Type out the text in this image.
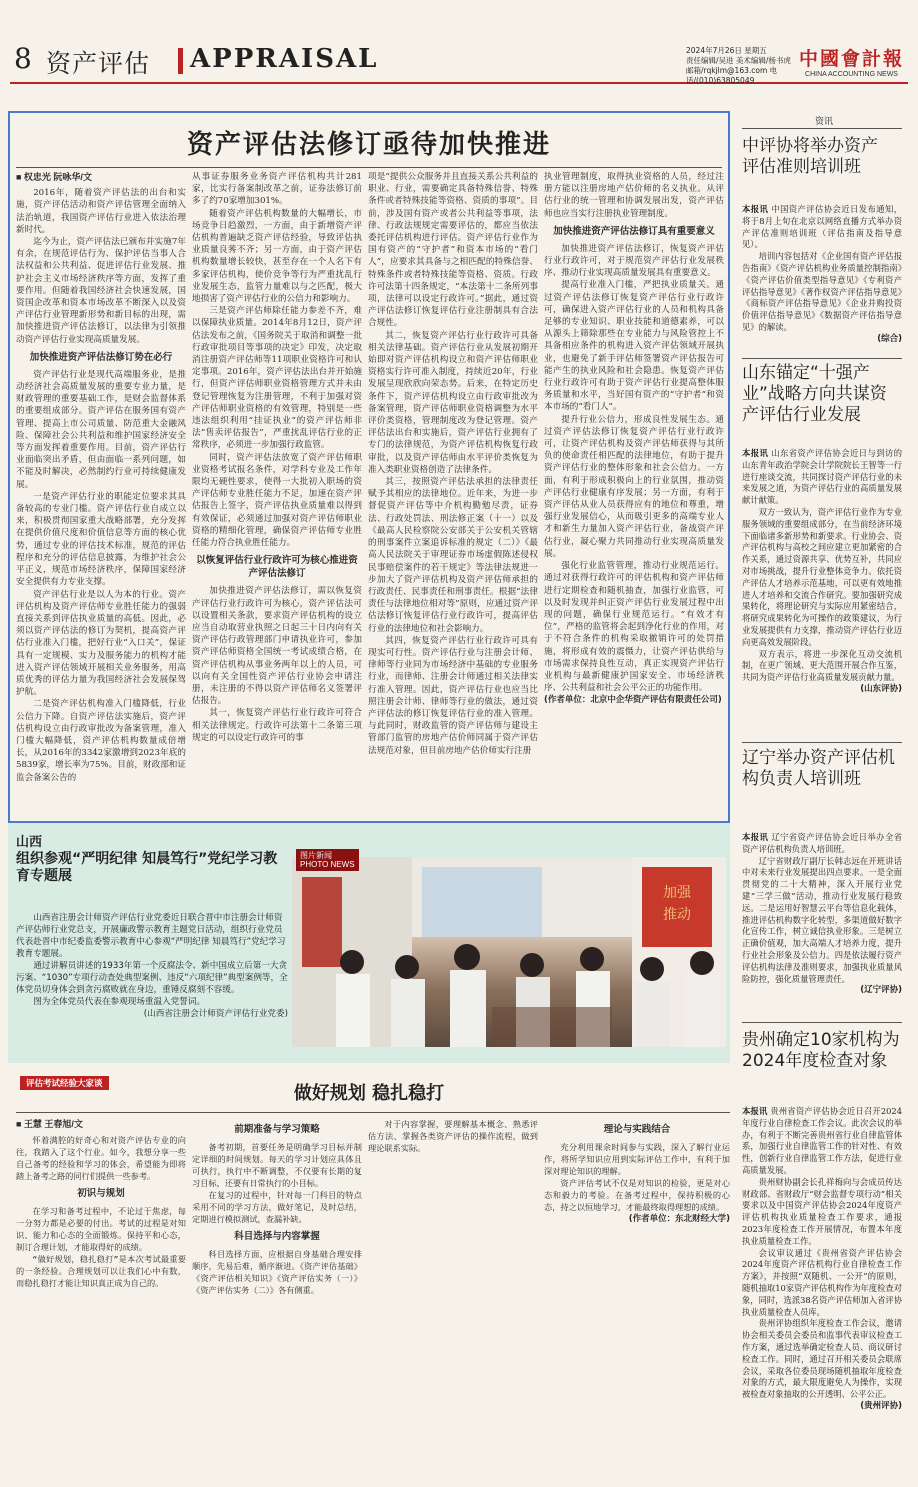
8 资产评估 APPRAISAL	2024年7月26日 星期五
责任编辑/吴进 美术编辑/杨书虎
邮箱/rqkjlm@163.com 电话/(010)63805049
中國會計報
CHINA ACCOUNTING NEWS
资产评估法修订亟待加快推进
■ 权忠光 阮咏华/文

2016年，随着资产评估法的出台和实施，资产评估活动和资产评估管理全面纳入法治轨道，我国资产评估行业进入依法治理新时代。

迄今为止，资产评估法已颁布并实施7年有余，在规范评估行为、保护评估当事人合法权益和公共利益、促进评估行业发展、推护社会主义市场经济秩序等方面，发挥了重要作用。但随着我国经济社会快速发展，国资国企改革和资本市场改革不断深入以及资产评估行业管理新形势和新目标的出现，需加快推进资产评估法修订，以法律为引领推动资产评估行业实现高质量发展。

加快推进资产评估法修订势在必行

资产评估行业是现代高端服务业，是推动经济社会高质量发展的重要专业力量，是财政管理的重要基础工作，是财会监督体系的重要组成部分。资产评估在服务国有资产管理、提高上市公司质量、防范重大金融风险、保障社会公共利益和维护国家经济安全等方面发挥着重要作用。目前，资产评估行业面临突出矛盾，但由面临一系列问题，如不能及时解决，必然制约行业可持续健康发展。

一是资产评估行业的职能定位要求其具备较高的专业门槛。资产评估行业自成立以来，积极贯彻国家重大战略部署，充分发挥在提供价值尺度和价值信息等方面的核心优势，通过专业的评估技术标准，规范的评估程序和充分的评估信息披露，为维护社会公平正义，规范市场经济秩序，保障国家经济安全提供有力专业支撑。

资产评估行业是以人为本的行业。资产评估机构及资产评估师专业胜任能力的强弱直接关系到评估执业质量的高低。因此，必须以资产评估法的修订为契机，提高资产评估行业准入门槛，把好行业“入口关”，保证具有一定规模、实力及服务能力的机构才能进入资产评估领域开展相关业务服务，用高质优秀的评估力量为我国经济社会发展保驾护航。

二是资产评估机构准入门槛降低，行业公信力下降。自资产评估法实施后，资产评估机构设立由行政审批改为备案管理，准入门槛大幅降低，资产评估机构数量成倍增长，从2016年的3342家激增到2023年底的5839家，增长率为75%。目前，财政部和证监会备案公告的

从事证券服务业务资产评估机构共计281家，比实行备案制改革之前，证券法修订前多了约70家增加301%。

随着资产评估机构数量的大幅增长，市场竞争日趋激烈，一方面，由于新增资产评估机构普遍缺乏资产评估经验，导致评估执业质量良莠不齐；另一方面，由于资产评估机构数量增长较快，甚至存在一个人名下有多家评估机构，使价竞争等行为严重扰乱行业发展生态，监管力量难以与之匹配，极大地损害了资产评估行业的公信力和影响力。

三是资产评估师除任能力参差不齐，难以保障执业质量。2014年8月12日，资产评估法发布之前，《国务院关于取消和调整一批行政审批项目等事项的决定》印发，决定取消注册资产评估师等11项职业资格许可和认定事项。2016年，资产评估法出台并开始施行，但资产评估师职业资格管理方式并未由登记管理恢复为注册管理，不利于加强对资产评估师职业资格的有效管理，特别是一些违法组织利用“挂证执业”的资产评估师非法“售卖评估报告”，严重扰乱评估行业的正常秩序，必须进一步加强行政监管。

同时，资产评估法放宽了资产评估师职业资格考试报名条件，对学科专业及工作年限均无硬性要求，使得一大批初入职场的资产评估师专业胜任能力不足，加速在资产评估报告上签字，资产评估执业质量难以得到有效保证，必须通过加强对资产评估师职业资格的精细化管理，确保资产评估师专业胜任能力符合执业胜任能力。

以恢复评估行业行政许可为核心推进资产评估法修订

加快推进资产评估法修订，需以恢复资产评估行业行政许可为核心，资产评估法可以设置相关条款，要求资产评估机构的设立应当自动取营业执照之日起三十日内向有关资产评估行政管理部门申请执业许可，参加资产评估师资格全国统一考试成绩合格，在资产评估机构从事业务两年以上的人员，可以向有关全国性资产评估行业协会申请注册，未注册的不得以资产评估师名义签署评估报告。

其一，恢复资产评估行业行政许可符合相关法律规定。行政许可法第十二条第三项规定的可以设定行政许可的事

项是“提供公众服务并且直接关系公共利益的职业、行业，需要确定具备特殊信誉、特殊条件或者特殊技能等资格、资质的事项”。目前，涉及国有资产或者公共利益等事项，法律、行政法规规定需要评估的，都应当依法委托评估机构进行评估。资产评估行业作为国有资产的“守护者”和资本市场的“看门人”，应要求其具备与之相匹配的特殊信誉、特殊条件或者特殊技能等资格、资质。行政许可法第十四条规定，“本法第十二条所列事项，法律可以设定行政许可。”据此，通过资产评估法修订恢复评估行业注册制具有合法合规性。

其二，恢复资产评估行业行政许可具备相关法律基础。资产评估行业从发展初期开始即对资产评估机构设立和资产评估师职业资格实行许可准入制度，持续近20年，行业发展呈现欣欣向荣态势。后来，在特定历史条件下，资产评估机构设立由行政审批改为备案管理，资产评估师职业资格调整为水平评价类资格，管理制度改为登记管理。资产评估法出台和实施后，资产评估行业拥有了专门的法律规范，为资产评估机构恢复行政审批，以及资产评估师由水平评价类恢复为准入类职业资格创造了法律条件。

其三，按照资产评估法承担的法律责任赋予其相应的法律地位。近年来，为进一步督促资产评估等中介机构勤勉尽责，证券法、行政处罚法、刑法修正案（十一）以及《最高人民检察院公安部关于公安机关管辖的刑事案件立案追诉标准的规定（二）》《最高人民法院关于审理证券市场虚假陈述侵权民事赔偿案件的若干规定》等法律法规进一步加大了资产评估机构及资产评估师承担的行政责任、民事责任和刑事责任。根据“法律责任与法律地位相对等”原则，应通过资产评估法修订恢复评估行业行政许可，提高评估行业的法律地位和社会影响力。

其四，恢复资产评估行业行政许可具有现实可行性。资产评估行业与注册会计师、律师等行业同为市场经济中基础的专业服务行业，而律师、注册会计师通过相关法律实行准入管理。因此，资产评估行业也应当比照注册会计师、律师等行业的做法，通过资产评估法的修订恢复评估行业的准入管理。与此同时，财政监管的资产评估师与建设主管部门监管的房地产估价师同属于资产评估法规范对象，但目前房地产估价师实行注册

执业管理制度，取得执业资格的人员，经过注册方能以注册房地产估价师的名义执业。从评估行业的统一管理和协调发展出发，资产评估师也应当实行注册执业管理制度。

加快推进资产评估法修订具有重要意义

加快推进资产评估法修订，恢复资产评估行业行政许可，对于规范资产评估行业发展秩序、推动行业实现高质量发展具有重要意义。

提高行业准入门槛，严把执业质量关。通过资产评估法修订恢复资产评估行业行政许可，确保进入资产评估行业的人员和机构具备足够的专业知识、职业技能和道德素养，可以从源头上筛除那些在专业能力与风险管控上不具备相应条件的机构进入资产评估领域开展执业，也避免了新手评估师签署资产评估报告可能产生的执业风险和社会隐患。恢复资产评估行业行政许可有助于资产评估行业提高整体服务质量和水平，当好国有资产的“守护者”和资本市场的“看门人”。

提升行业公信力，形成良性发展生态。通过资产评估法修订恢复资产评估行业行政许可，让资产评估机构及资产评估师获得与其所负的使命责任相匹配的法律地位，有助于提升资产评估行业的整体形象和社会公信力。一方面，有利于形成积极向上的行业氛围，推动资产评估行业健康有序发展；另一方面，有利于资产评估从业人员获得应有的地位和尊重，增强行业发展信心，从而吸引更多的高端专业人才和新生力量加入资产评估行业，备战资产评估行业，凝心聚力共同推动行业实现高质量发展。

强化行业监管管理，推动行业规范运行。通过对获得行政许可的评估机构和资产评估师进行定期检查和随机抽查，加强行业监管，可以及时发现并纠正资产评估行业发展过程中出现的问题，确保行业规范运行。“有效才有位”，严格的监管将会起到净化行业的作用，对于不符合条件的机构采取撤销许可的处罚措施，将形成有效的震慑力，让资产评估供给与市场需求保持良性互动，真正实现资产评估行业机构与最新健康护国家安全、市场经济秩序、公共利益和社会公平公正的功能作用。

(作者单位：北京中企华资产评估有限责任公司)
资讯
中评协将举办资产评估准则培训班

本报讯 中国资产评估协会近日发布通知，将于8月上旬在北京以网络直播方式举办资产评估准则培训班（评估指南及指导意见）。

培训内容包括对《企业国有资产评估报告指南》《资产评估机构业务质量控制指南》《资产评估价值类型指导意见》《专利资产评估指导意见》《著作权资产评估指导意见》《商标资产评估指导意见》《企业并购投资价值评估指导意见》《数据资产评估指导意见》的解读。

(综合)
山东锚定“十强产业”战略方向共谋资产评估行业发展

本报讯 山东省资产评估协会近日与到访的山东青年政治学院会计学院院长王智等一行进行座谈交流，共同探讨资产评估行业的未来发展之道，为资产评估行业的高质量发展献计献策。

双方一致认为，资产评估行业作为专业服务领域的重要组成部分，在当前经济环境下面临诸多新形势和新要求。行业协会、资产评估机构与高校之间应建立更加紧密的合作关系，通过资源共享、优势互补，共同应对市场挑战，提升行业整体竞争力。依托资产评估人才培养示范基地，可以更有效地推进人才培养和交流合作研究。要加强研究成果转化，将理论研究与实际应用紧密结合，将研究成果转化为可操作的政策建议，为行业发展提供有力支撑，推动资产评估行业迈向更高效发展阶段。

双方表示，将进一步深化互动交流机制，在更广领域、更大范围开展合作互鉴，共同为资产评估行业高质量发展贡献力量。

(山东评协)
辽宁举办资产评估机构负责人培训班

本报讯 辽宁省资产评估协会近日举办全省资产评估机构负责人培训班。

辽宁省财政厅副厅长韩志远在开班讲话中对未来行业发展提出四点要求。一是全面贯彻党的二十大精神，深入开展行业党建“三学三做”活动，推动行业发展行稳致远。二是运用好智慧云平台等信息化载体，推进评估机构数字化转型，多渠道做好数字化宣传工作，树立诚信执业形象。三是树立正确价值观，加大高端人才培养力度，提升行业社会形象及公信力。四是依法履行资产评估机构法律及准则要求，加强执业质量风险防控，强化质量管理责任。

(辽宁评协)
贵州确定10家机构为2024年度检查对象

本报讯 贵州省资产评估协会近日召开2024年度行业自律检查工作会议。此次会议的举办，有利于不断完善贵州省行业自律监管体系，加强行业自律监管工作的针对性、有效性，创新行业自律监管工作方法，促进行业高质量发展。

贵州财协副会长孔祥梅向与会成员传达财政部、省财政厅“财会监督专项行动”相关要求以及中国资产评估协会2024年度资产评估机构执业质量检查工作要求，通报2023年度检查工作开展情况，布置本年度执业质量检查工作。

会议审议通过《贵州省资产评估协会2024年度资产评估机构行业自律检查工作方案》，并按照“双随机、一公开”的原则，随机抽取10家资产评估机构作为年度检查对象，同时，选派38名资产评估师加入省评协执业质量检查人员库。

贵州评协组织年度检查工作会议，邀请协会相关委员会委员和监事代表审议检查工作方案，通过选举确定检查人员、商议研讨检查工作。同时，通过召开相关委员会联席会议，采取各位委员现场随机抽取年度检查对象的方式，最大限度避免人为操作，实现被检查对象抽取的公开透明、公平公正。

(贵州评协)
山西
组织参观“严明纪律 知晨笃行”党纪学习教育专题展

山西省注册会计师资产评估行业党委近日联合晋中市注册会计师资产评估师行业党总支，开展廉政警示教育主题党日活动，组织行业党员代表赴晋中市纪委监委警示教育中心参观“严明纪律 知晨笃行”党纪学习教育专题展。

通过讲解员讲述的1933年第一个反腐法令、新中国成立后第一大贪污案、“1030”专项行动查处典型案例、违反“六项纪律”典型案例等，全体党员切身体会到贪污腐败就在身边，重锤反腐刻不容缓。

图为全体党员代表在参观现场重温入党誓词。

(山西省注册会计师资产评估行业党委)
加强
推动
图片新闻
PHOTO NEWS
评估考试经验大家谈	做好规划 稳扎稳打
■ 王慧 王春旭/文

怀着满腔的好奇心和对资产评估专业的向往，我踏入了这个行业。如今，我想分享一些自己备考的经验和学习的体会，希望能为即将踏上备考之路的同行们提供一些参考。

初识与规划

在学习和备考过程中，不论过于焦虑，每一分努力都是必要的付出。考试的过程是对知识、能力和心态的全面锻炼。保持平和心态，制订合理计划，才能取得好的成绩。

“做好规划，稳扎稳打”是本次考试最重要的一条经验。合理规划可以让我们心中有数，而稳扎稳打才能让知识真正成为自己的。

前期准备与学习策略

备考初期，首要任务是明确学习目标并制定详细的时间规划。每天的学习计划应具体且可执行，执行中不断调整，不仅要有长期的复习目标，还要有日常执行的小目标。

在复习的过程中，针对每一门科目的特点采用不同的学习方法，做好笔记，及时总结，定期进行模拟测试，查漏补缺。

科目选择与内容掌握

科目选择方面，应根据自身基础合理安排顺序，先易后难，循序渐进。《资产评估基础》《资产评估相关知识》《资产评估实务（一）》《资产评估实务（二）》各有侧重。

对于内容掌握，要理解基本概念、熟悉评估方法、掌握各类资产评估的操作流程，做到理论联系实际。

理论与实践结合

充分利用课余时间参与实践，深入了解行业运作，将所学知识应用到实际评估工作中，有利于加深对理论知识的理解。

资产评估考试不仅是对知识的检验，更是对心态和毅力的考验。在备考过程中，保持积极的心态，持之以恒地学习，才能最终取得理想的成绩。

(作者单位：东北财经大学)
